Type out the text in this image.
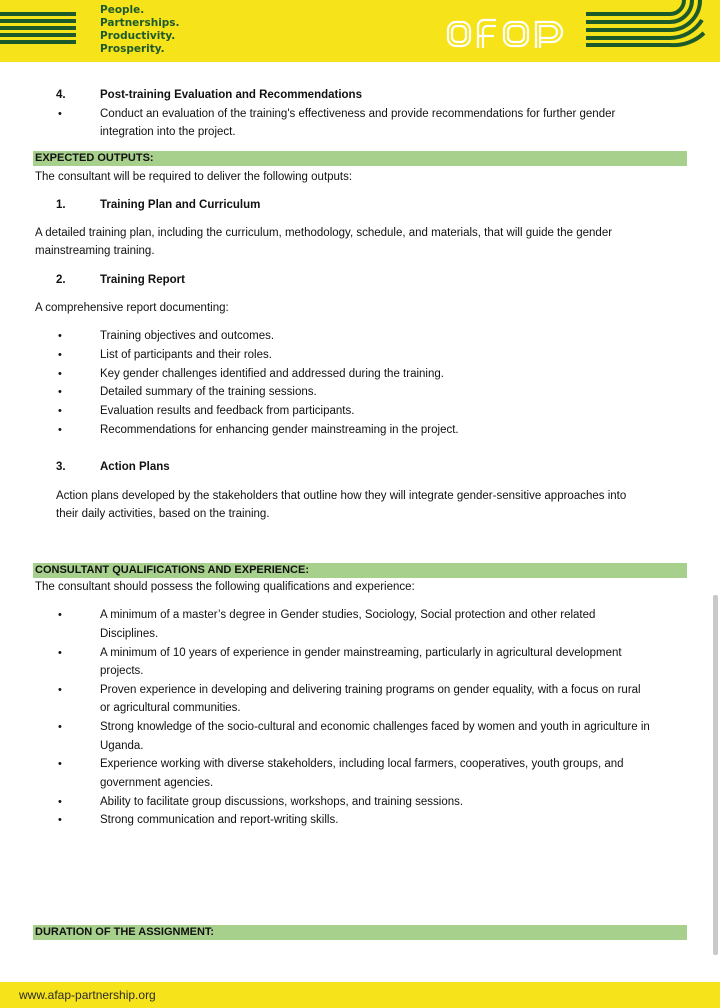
People.
Partnerships.
Productivity.
Prosperity.
4.	Post-training Evaluation and Recommendations
•	Conduct an evaluation of the training's effectiveness and provide recommendations for further gender
integration into the project.
EXPECTED OUTPUTS:
The consultant will be required to deliver the following outputs:
1.	Training Plan and Curriculum
A detailed training plan, including the curriculum, methodology, schedule, and materials, that will guide the gender
mainstreaming training.
2.	Training Report
A comprehensive report documenting:
•	Training objectives and outcomes.
•	List of participants and their roles.
•	Key gender challenges identified and addressed during the training.
•	Detailed summary of the training sessions.
•	Evaluation results and feedback from participants.
•	Recommendations for enhancing gender mainstreaming in the project.
3.	Action Plans
Action plans developed by the stakeholders that outline how they will integrate gender-sensitive approaches into
their daily activities, based on the training.
CONSULTANT QUALIFICATIONS AND EXPERIENCE:
The consultant should possess the following qualifications and experience:
•	A minimum of a master’s degree in Gender studies, Sociology, Social protection and other related
Disciplines.
•	A minimum of 10 years of experience in gender mainstreaming, particularly in agricultural development
projects.
•	Proven experience in developing and delivering training programs on gender equality, with a focus on rural
or agricultural communities.
•	Strong knowledge of the socio-cultural and economic challenges faced by women and youth in agriculture in
Uganda.
•	Experience working with diverse stakeholders, including local farmers, cooperatives, youth groups, and
government agencies.
•	Ability to facilitate group discussions, workshops, and training sessions.
•	Strong communication and report-writing skills.
DURATION OF THE ASSIGNMENT:
www.afap-partnership.org
